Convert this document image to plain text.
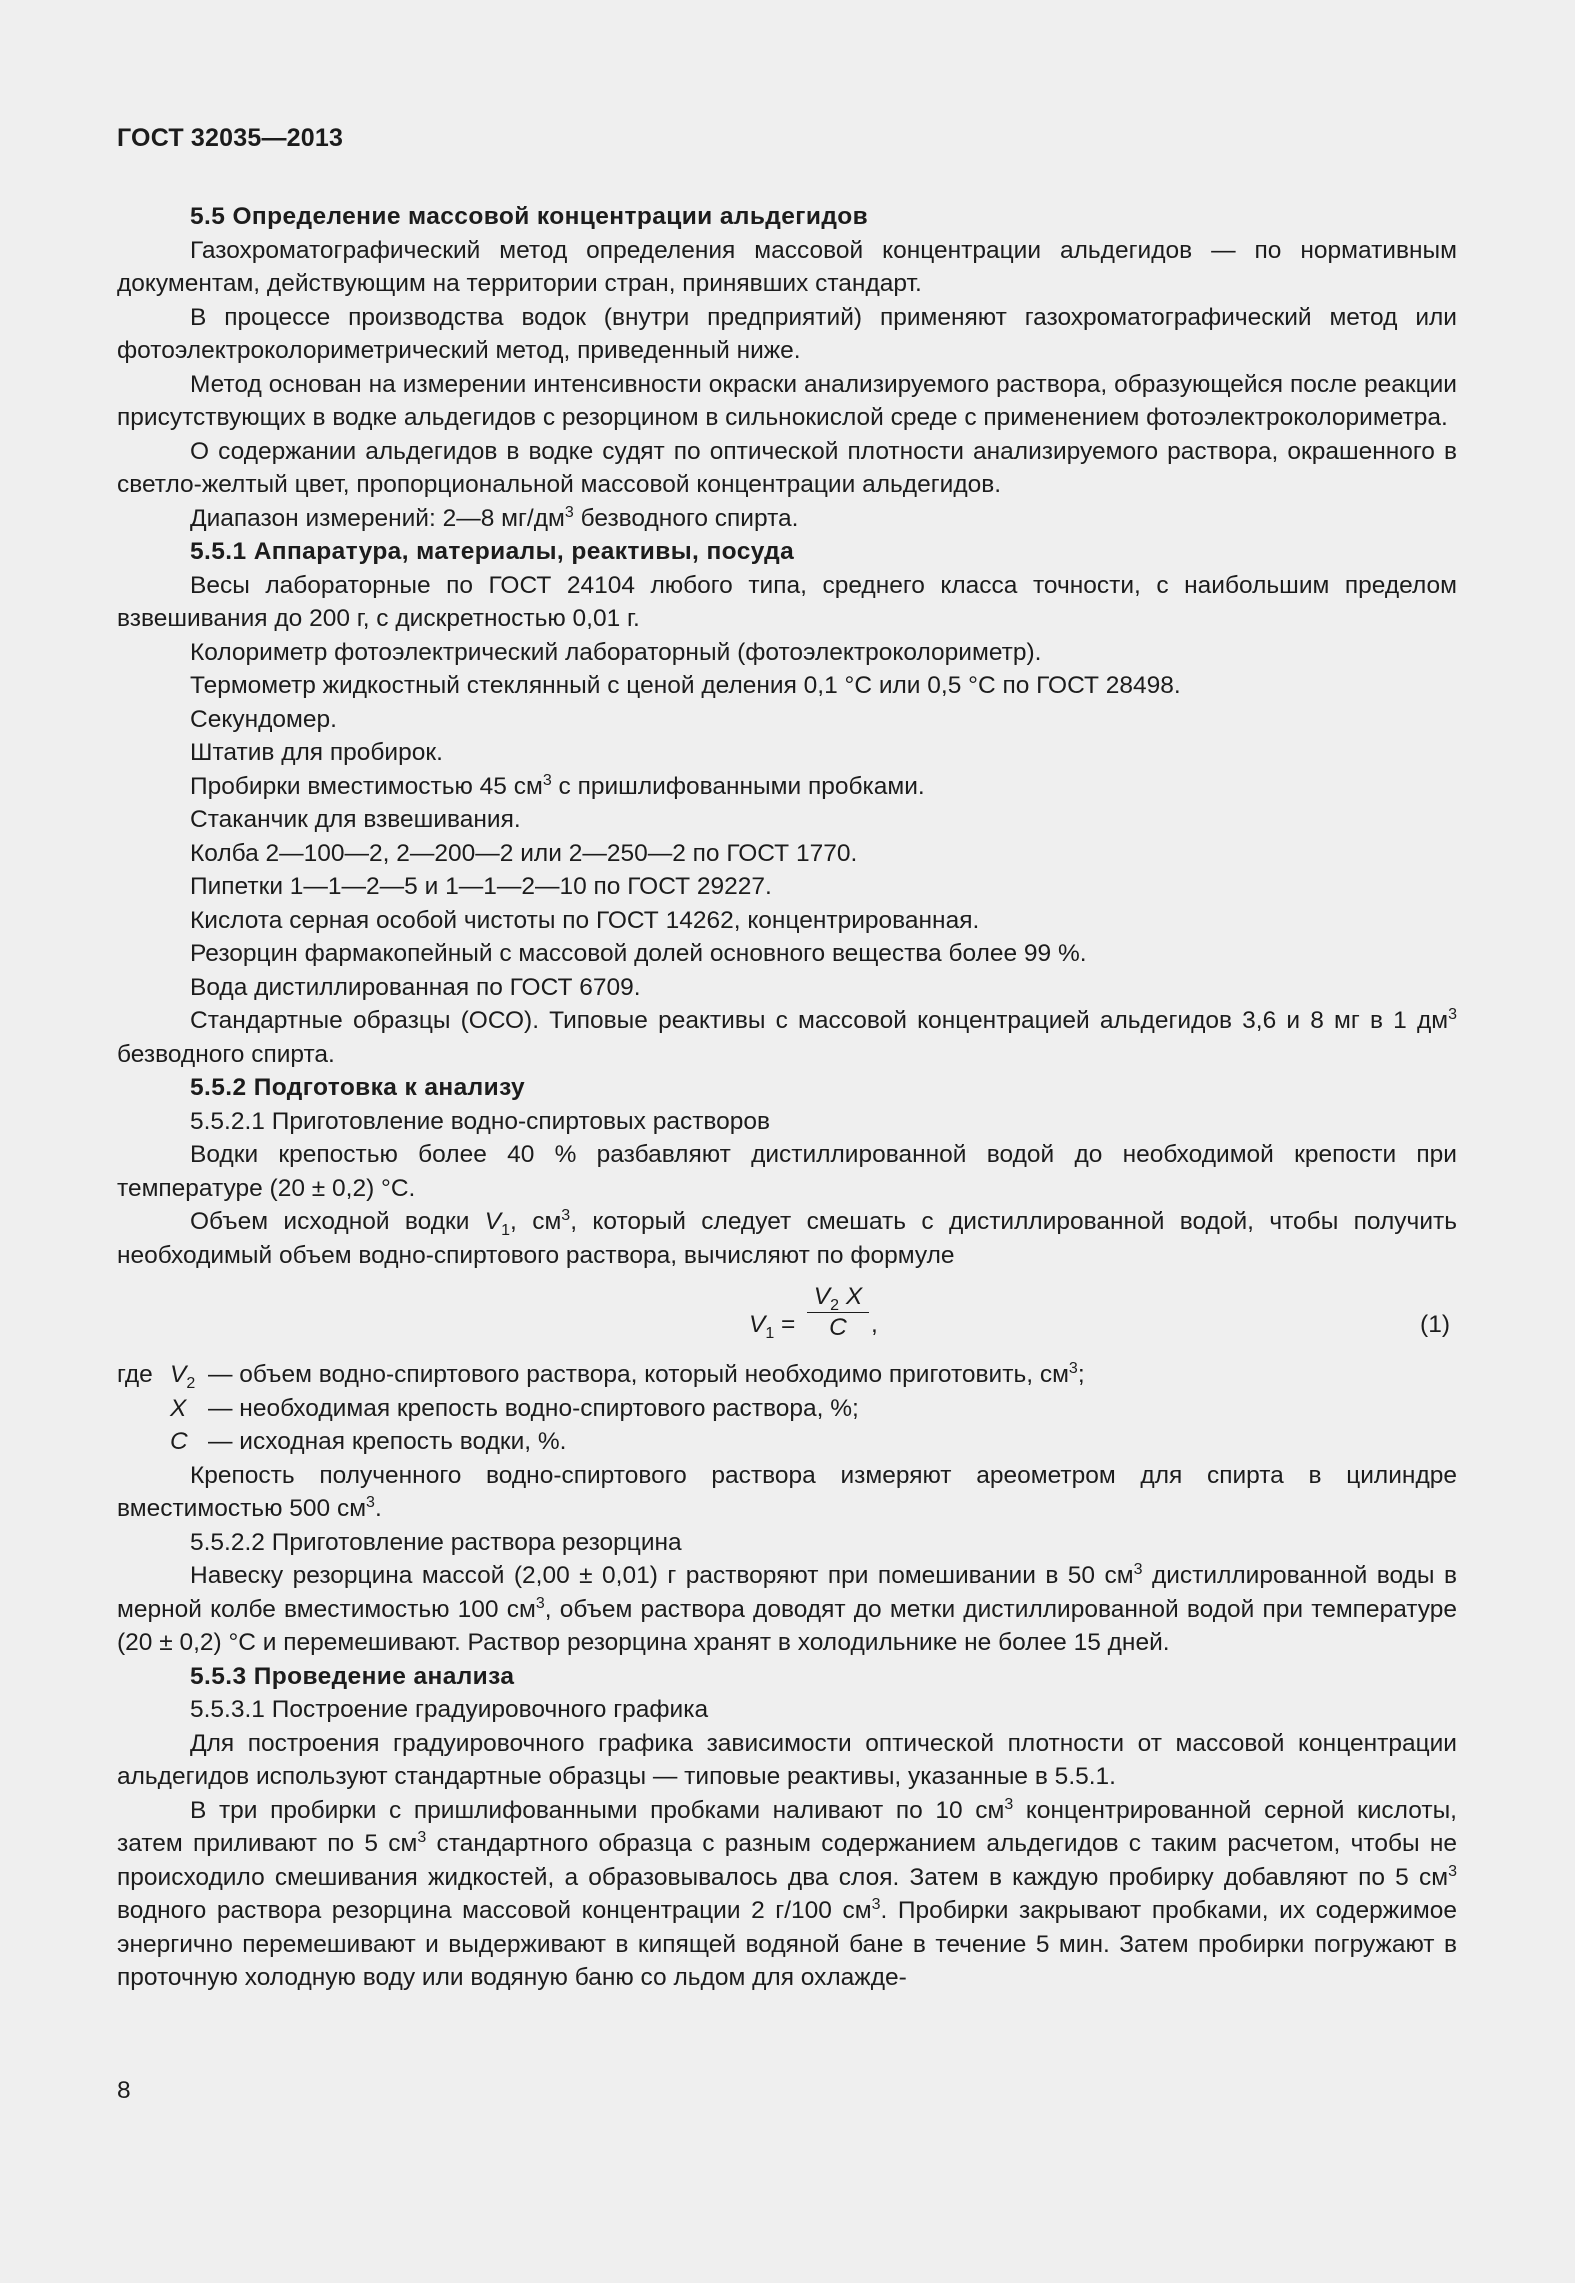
ГОСТ 32035—2013

5.5 Определение массовой концентрации альдегидов

Газохроматографический метод определения массовой концентрации альдегидов — по нормативным документам, действующим на территории стран, принявших стандарт.

В процессе производства водок (внутри предприятий) применяют газохроматографический метод или фотоэлектроколориметрический метод, приведенный ниже.

Метод основан на измерении интенсивности окраски анализируемого раствора, образующейся после реакции присутствующих в водке альдегидов с резорцином в сильнокислой среде с применением фотоэлектроколориметра.

О содержании альдегидов в водке судят по оптической плотности анализируемого раствора, окрашенного в светло-желтый цвет, пропорциональной массовой концентрации альдегидов.

Диапазон измерений: 2—8 $мг/дм^3$ безводного спирта.

5.5.1 Аппаратура, материалы, реактивы, посуда

Весы лабораторные по ГОСТ 24104 любого типа, среднего класса точности, с наибольшим пределом взвешивания до 200 г, с дискретностью 0,01 г.

Колориметр фотоэлектрический лабораторный (фотоэлектроколориметр).

Термометр жидкостный стеклянный с ценой деления 0,1 °С или 0,5 °С по ГОСТ 28498.

Секундомер.

Штатив для пробирок.

Пробирки вместимостью 45 $см^3$ с пришлифованными пробками.

Стаканчик для взвешивания.

Колба 2—100—2, 2—200—2 или 2—250—2 по ГОСТ 1770.

Пипетки 1—1—2—5 и 1—1—2—10 по ГОСТ 29227.

Кислота серная особой чистоты по ГОСТ 14262, концентрированная.

Резорцин фармакопейный с массовой долей основного вещества более 99 %.

Вода дистиллированная по ГОСТ 6709.

Стандартные образцы (ОСО). Типовые реактивы с массовой концентрацией альдегидов 3,6 и 8 мг в 1 $дм^3$ безводного спирта.

5.5.2 Подготовка к анализу

5.5.2.1 Приготовление водно-спиртовых растворов

Водки крепостью более 40 % разбавляют дистиллированной водой до необходимой крепости при температуре (20 ± 0,2) °С.

Объем исходной водки $V_1$, $см^3$, который следует смешать с дистиллированной водой, чтобы получить необходимый объем водно-спиртового раствора, вычисляют по формуле

$V_1 = \frac{V_2 X}{C}$ ,	(1)

где $V_2$ — объем водно-спиртового раствора, который необходимо приготовить, $см^3$;

X — необходимая крепость водно-спиртового раствора, %;

C — исходная крепость водки, %.

Крепость полученного водно-спиртового раствора измеряют ареометром для спирта в цилиндре вместимостью 500 $см^3$.

5.5.2.2 Приготовление раствора резорцина

Навеску резорцина массой (2,00 ± 0,01) г растворяют при помешивании в 50 $см^3$ дистиллированной воды в мерной колбе вместимостью 100 $см^3$, объем раствора доводят до метки дистиллированной водой при температуре (20 ± 0,2) °С и перемешивают. Раствор резорцина хранят в холодильнике не более 15 дней.

5.5.3 Проведение анализа

5.5.3.1 Построение градуировочного графика

Для построения градуировочного графика зависимости оптической плотности от массовой концентрации альдегидов используют стандартные образцы — типовые реактивы, указанные в 5.5.1.

В три пробирки с пришлифованными пробками наливают по 10 $см^3$ концентрированной серной кислоты, затем приливают по 5 $см^3$ стандартного образца с разным содержанием альдегидов с таким расчетом, чтобы не происходило смешивания жидкостей, а образовывалось два слоя. Затем в каждую пробирку добавляют по 5 $см^3$ водного раствора резорцина массовой концентрации 2 г/100 $см^3$. Пробирки закрывают пробками, их содержимое энергично перемешивают и выдерживают в кипящей водяной бане в течение 5 мин. Затем пробирки погружают в проточную холодную воду или водяную баню со льдом для охлажде-

8
